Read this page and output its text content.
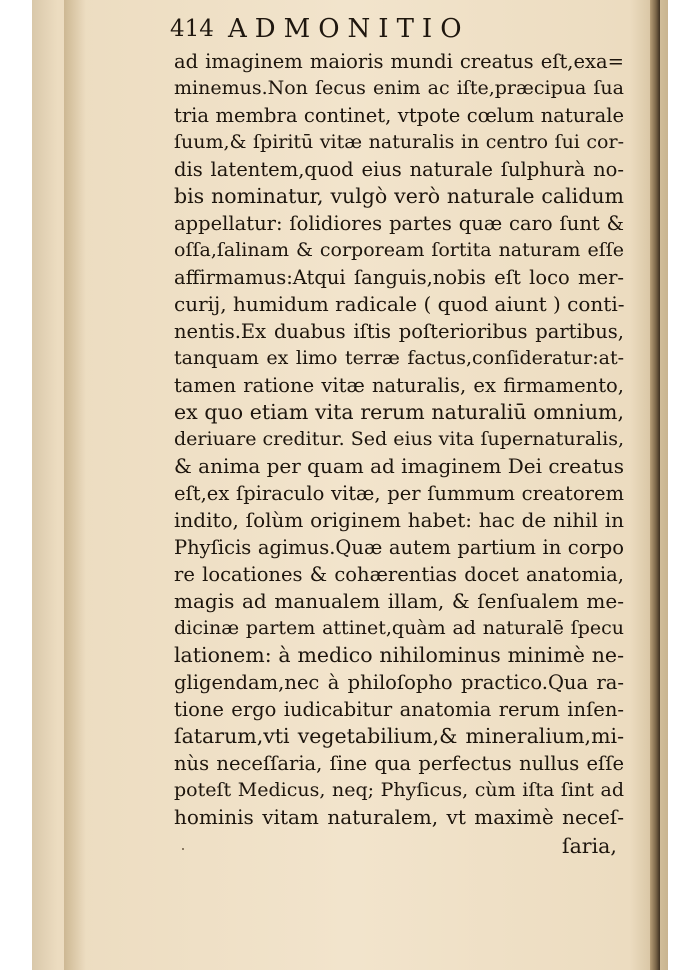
414 ADMONITIO
ad imaginem maioris mundi creatus eſt,exa=
minemus.Non ſecus enim ac iſte,præcipua ſua
tria membra continet, vtpote cœlum naturale
ſuum,& ſpiritū vitæ naturalis in centro ſui cor-
dis latentem,quod eius naturale ſulphurà no-
bis nominatur, vulgò verò naturale calidum
appellatur: ſolidiores partes quæ caro ſunt &
oſſa,ſalinam & corpoream ſortita naturam eſſe
affirmamus:Atqui ſanguis,nobis eſt loco mer-
curij, humidum radicale ( quod aiunt ) conti-
nentis.Ex duabus iſtis poſterioribus partibus,
tanquam ex limo terræ factus,conſideratur:at-
tamen ratione vitæ naturalis, ex firmamento,
ex quo etiam vita rerum naturaliū omnium,
deriuare creditur. Sed eius vita ſupernaturalis,
& anima per quam ad imaginem Dei creatus
eſt,ex ſpiraculo vitæ, per ſummum creatorem
indito, ſolùm originem habet: hac de nihil in
Phyſicis agimus.Quæ autem partium in corpo
re locationes & cohærentias docet anatomia,
magis ad manualem illam, & ſenſualem me-
dicinæ partem attinet,quàm ad naturalē ſpecu
lationem: à medico nihilominus minimè ne-
gligendam,nec à philoſopho practico.Qua ra-
tione ergo iudicabitur anatomia rerum inſen-
ſatarum,vti vegetabilium,& mineralium,mi-
nùs neceſſaria, ſine qua perfectus nullus eſſe
poteſt Medicus, neq; Phyſicus, cùm iſta ſint ad
hominis vitam naturalem, vt maximè neceſ-
ſaria,
